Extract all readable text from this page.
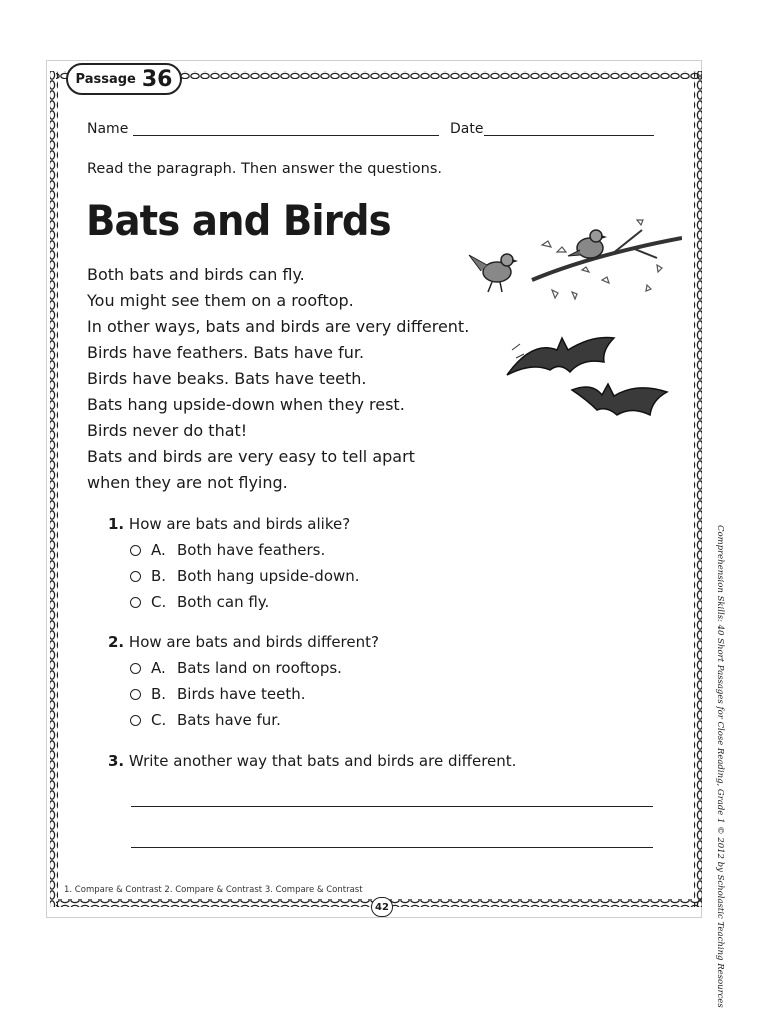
Passage 36
Name	Date
Read the paragraph. Then answer the questions.
Bats and Birds
Both bats and birds can fly.
You might see them on a rooftop.
In other ways, bats and birds are very different.
Birds have feathers. Bats have fur.
Birds have beaks. Bats have teeth.
Bats hang upside-down when they rest.
Birds never do that!
Bats and birds are very easy to tell apart
when they are not flying.
1. How are bats and birds alike?
A. Both have feathers.
B. Both hang upside-down.
C. Both can fly.
2. How are bats and birds different?
A. Bats land on rooftops.
B. Birds have teeth.
C. Bats have fur.
3. Write another way that bats and birds are different.
1. Compare & Contrast 2. Compare & Contrast 3. Compare & Contrast
42	Comprehension Skills: 40 Short Passages for Close Reading, Grade 1 © 2012 by Scholastic Teaching Resources
